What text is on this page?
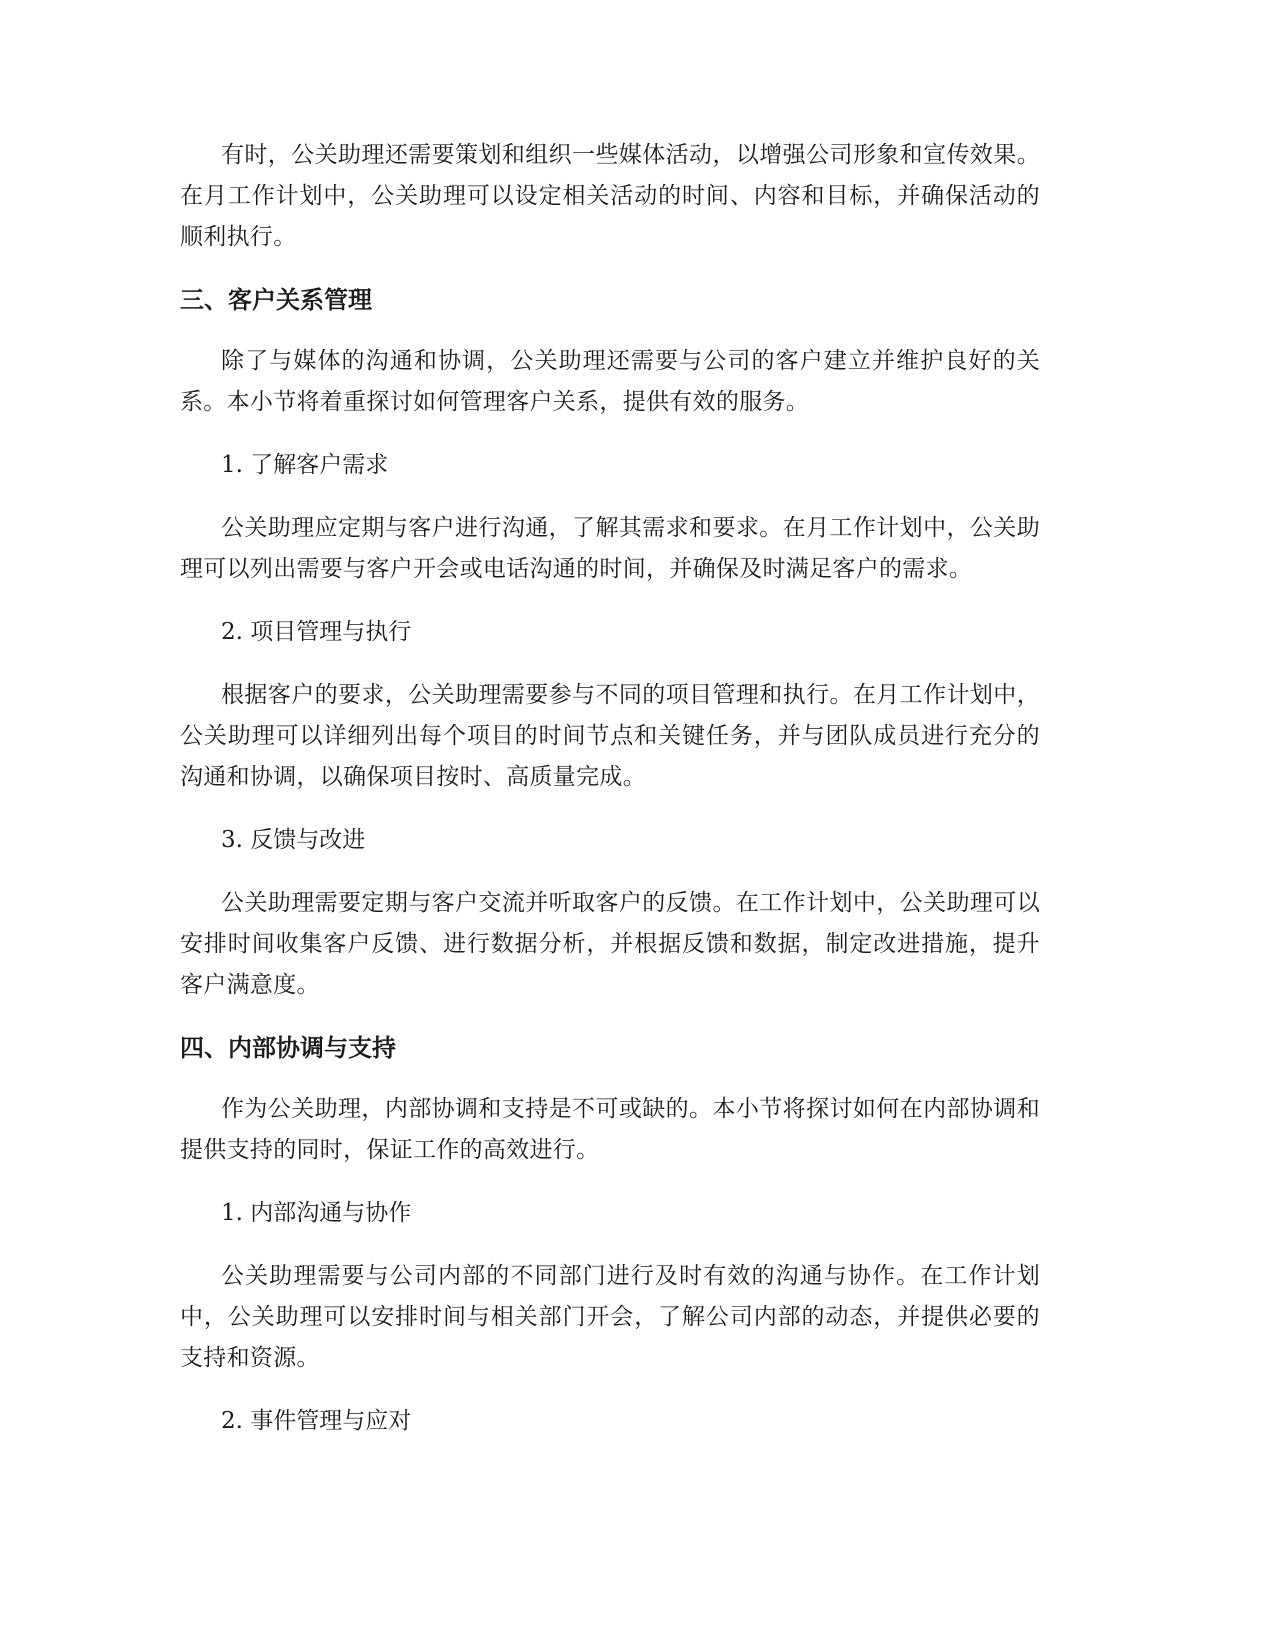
有时，公关助理还需要策划和组织一些媒体活动，以增强公司形象和宣传效果。在月工作计划中，公关助理可以设定相关活动的时间、内容和目标，并确保活动的顺利执行。

三、客户关系管理

除了与媒体的沟通和协调，公关助理还需要与公司的客户建立并维护良好的关系。本小节将着重探讨如何管理客户关系，提供有效的服务。

1. 了解客户需求

公关助理应定期与客户进行沟通，了解其需求和要求。在月工作计划中，公关助理可以列出需要与客户开会或电话沟通的时间，并确保及时满足客户的需求。

2. 项目管理与执行

根据客户的要求，公关助理需要参与不同的项目管理和执行。在月工作计划中，公关助理可以详细列出每个项目的时间节点和关键任务，并与团队成员进行充分的沟通和协调，以确保项目按时、高质量完成。

3. 反馈与改进

公关助理需要定期与客户交流并听取客户的反馈。在工作计划中，公关助理可以安排时间收集客户反馈、进行数据分析，并根据反馈和数据，制定改进措施，提升客户满意度。

四、内部协调与支持

作为公关助理，内部协调和支持是不可或缺的。本小节将探讨如何在内部协调和提供支持的同时，保证工作的高效进行。

1. 内部沟通与协作

公关助理需要与公司内部的不同部门进行及时有效的沟通与协作。在工作计划中，公关助理可以安排时间与相关部门开会，了解公司内部的动态，并提供必要的支持和资源。

2. 事件管理与应对
